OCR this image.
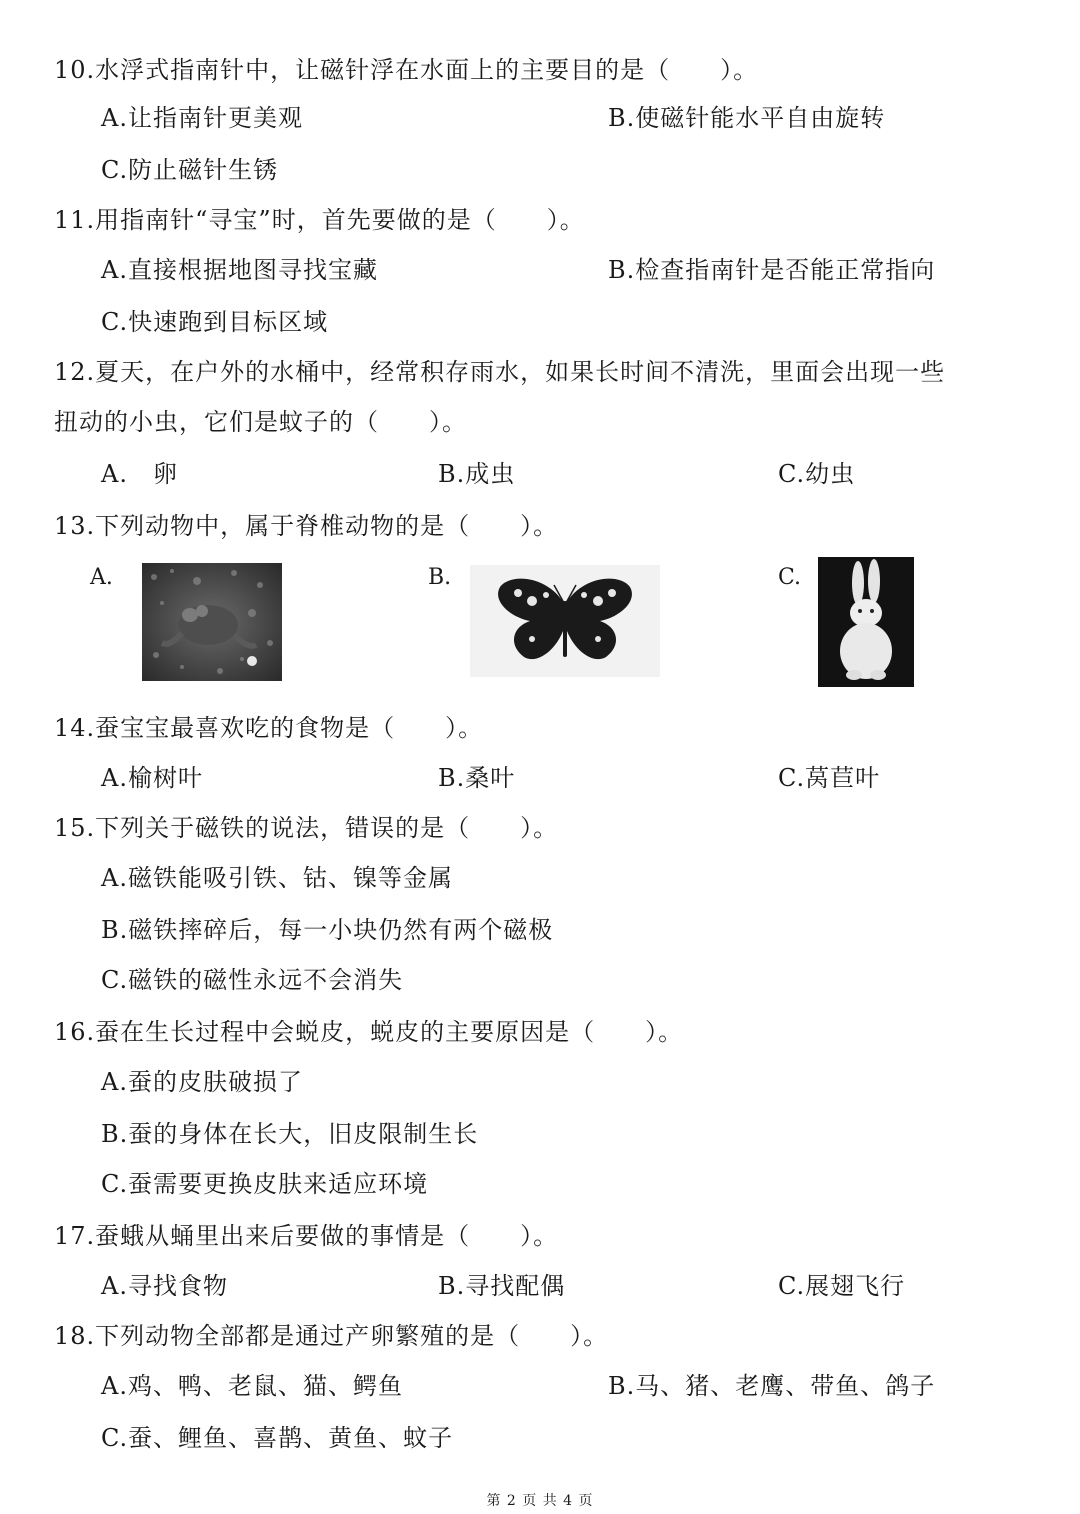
10.水浮式指南针中，让磁针浮在水面上的主要目的是（　　）。
A.让指南针更美观	B.使磁针能水平自由旋转
C.防止磁针生锈
11.用指南针“寻宝”时，首先要做的是（　　）。
A.直接根据地图寻找宝藏	B.检查指南针是否能正常指向
C.快速跑到目标区域
12.夏天，在户外的水桶中，经常积存雨水，如果长时间不清洗，里面会出现一些
扭动的小虫，它们是蚊子的（　　）。
A.　卵	B.成虫	C.幼虫
13.下列动物中，属于脊椎动物的是（　　）。
A.	B.	C.
14.蚕宝宝最喜欢吃的食物是（　　）。
A.榆树叶	B.桑叶	C.莴苣叶
15.下列关于磁铁的说法，错误的是（　　）。
A.磁铁能吸引铁、钴、镍等金属
B.磁铁摔碎后，每一小块仍然有两个磁极
C.磁铁的磁性永远不会消失
16.蚕在生长过程中会蜕皮，蜕皮的主要原因是（　　）。
A.蚕的皮肤破损了
B.蚕的身体在长大，旧皮限制生长
C.蚕需要更换皮肤来适应环境
17.蚕蛾从蛹里出来后要做的事情是（　　）。
A.寻找食物	B.寻找配偶	C.展翅飞行
18.下列动物全部都是通过产卵繁殖的是（　　）。
A.鸡、鸭、老鼠、猫、鳄鱼	B.马、猪、老鹰、带鱼、鸽子
C.蚕、鲤鱼、喜鹊、黄鱼、蚊子
第 2 页 共 4 页
